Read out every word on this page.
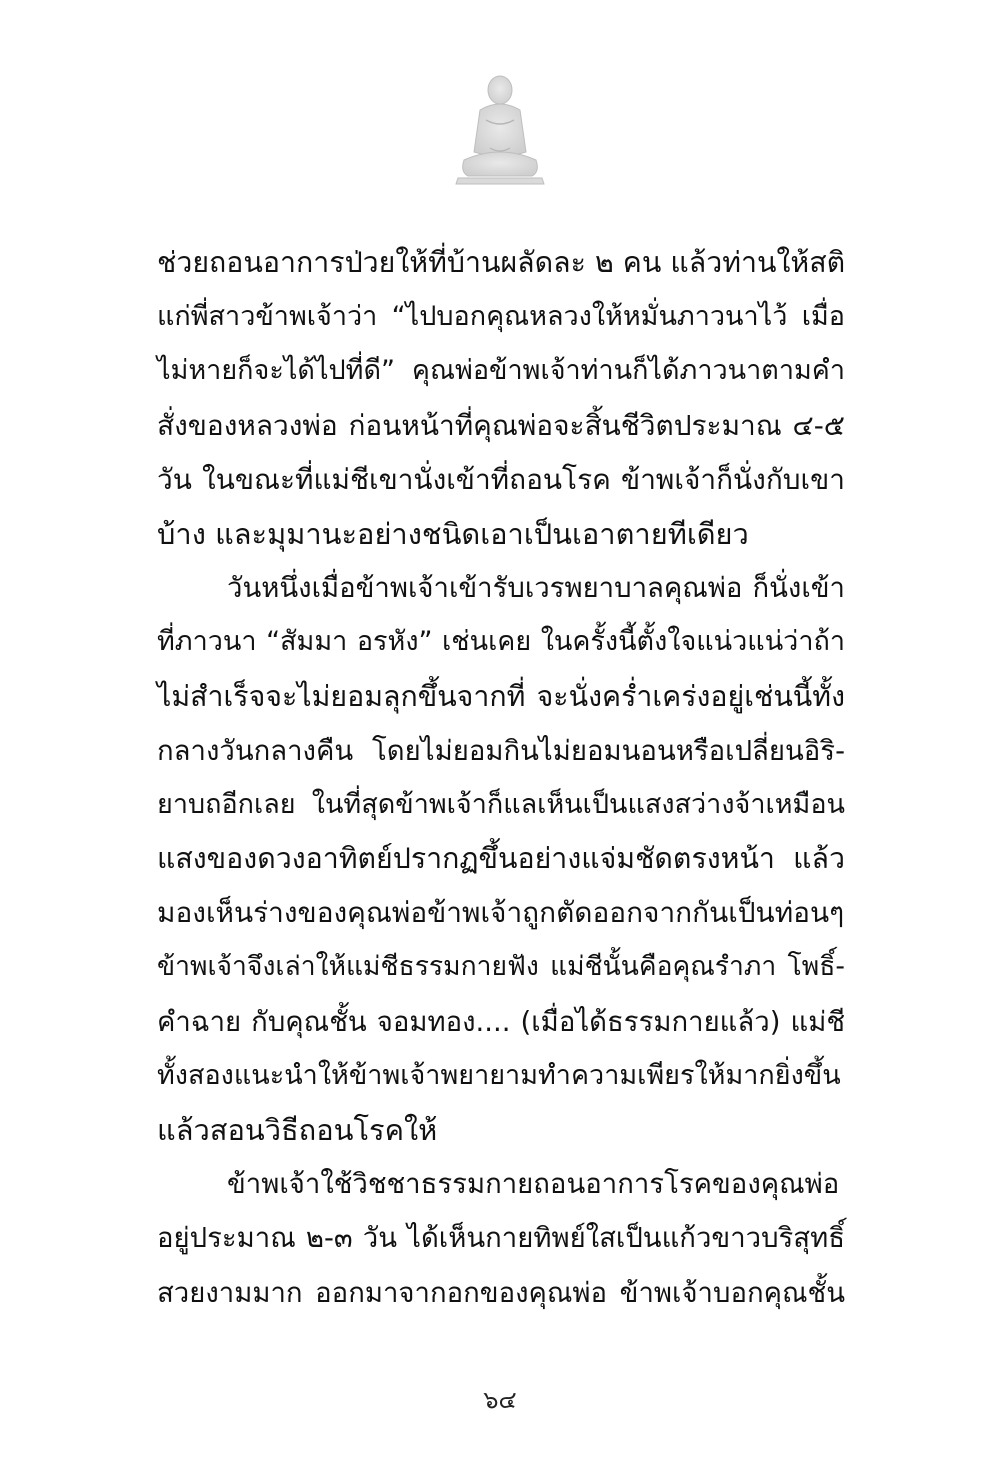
ช่วยถอนอาการป่วยให้ที่บ้านผลัดละ ๒ คน แล้วท่านให้สติ
แก่พี่สาวข้าพเจ้าว่า “ไปบอกคุณหลวงให้หมั่นภาวนาไว้ เมื่อ
ไม่หายก็จะได้ไปที่ดี” คุณพ่อข้าพเจ้าท่านก็ได้ภาวนาตามคำ
สั่งของหลวงพ่อ ก่อนหน้าที่คุณพ่อจะสิ้นชีวิตประมาณ ๔-๕
วัน ในขณะที่แม่ชีเขานั่งเข้าที่ถอนโรค ข้าพเจ้าก็นั่งกับเขา
บ้าง และมุมานะอย่างชนิดเอาเป็นเอาตายทีเดียว
วันหนึ่งเมื่อข้าพเจ้าเข้ารับเวรพยาบาลคุณพ่อ ก็นั่งเข้า
ที่ภาวนา “สัมมา อรหัง” เช่นเคย ในครั้งนี้ตั้งใจแน่วแน่ว่าถ้า
ไม่สำเร็จจะไม่ยอมลุกขึ้นจากที่ จะนั่งคร่ำเคร่งอยู่เช่นนี้ทั้ง
กลางวันกลางคืน โดยไม่ยอมกินไม่ยอมนอนหรือเปลี่ยนอิริ-
ยาบถอีกเลย ในที่สุดข้าพเจ้าก็แลเห็นเป็นแสงสว่างจ้าเหมือน
แสงของดวงอาทิตย์ปรากฏขึ้นอย่างแจ่มชัดตรงหน้า แล้ว
มองเห็นร่างของคุณพ่อข้าพเจ้าถูกตัดออกจากกันเป็นท่อนๆ
ข้าพเจ้าจึงเล่าให้แม่ชีธรรมกายฟัง แม่ชีนั้นคือคุณรำภา โพธิ์-
คำฉาย กับคุณชั้น จอมทอง.... (เมื่อได้ธรรมกายแล้ว) แม่ชี
ทั้งสองแนะนำให้ข้าพเจ้าพยายามทำความเพียรให้มากยิ่งขึ้น
แล้วสอนวิธีถอนโรคให้
ข้าพเจ้าใช้วิชชาธรรมกายถอนอาการโรคของคุณพ่อ
อยู่ประมาณ ๒-๓ วัน ได้เห็นกายทิพย์ใสเป็นแก้วขาวบริสุทธิ์
สวยงามมาก ออกมาจากอกของคุณพ่อ ข้าพเจ้าบอกคุณชั้น
๖๔
